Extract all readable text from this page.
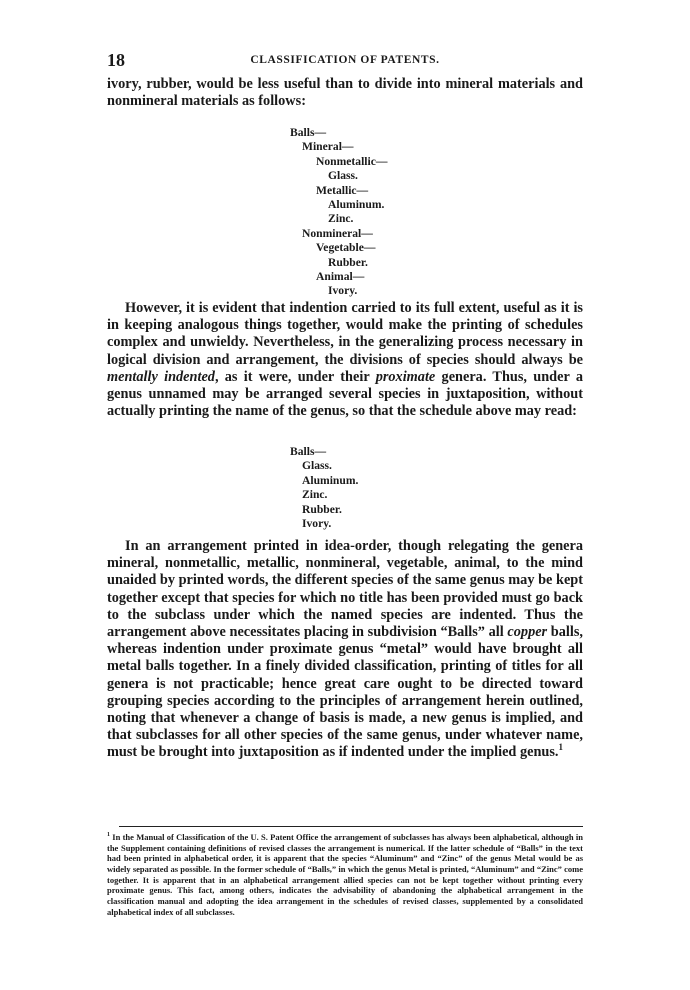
18	CLASSIFICATION OF PATENTS.

ivory, rubber, would be less useful than to divide into mineral materials and nonmineral materials as follows:

Balls—
Mineral—
Nonmetallic—
Glass.
Metallic—
Aluminum.
Zinc.
Nonmineral—
Vegetable—
Rubber.
Animal—
Ivory.

However, it is evident that indention carried to its full extent, useful as it is in keeping analogous things together, would make the printing of schedules complex and unwieldy. Nevertheless, in the generalizing process necessary in logical division and arrangement, the divisions of species should always be mentally indented, as it were, under their proximate genera. Thus, under a genus unnamed may be arranged several species in juxtaposition, without actually printing the name of the genus, so that the schedule above may read:

Balls—
Glass.
Aluminum.
Zinc.
Rubber.
Ivory.

In an arrangement printed in idea-order, though relegating the genera mineral, nonmetallic, metallic, nonmineral, vegetable, animal, to the mind unaided by printed words, the different species of the same genus may be kept together except that species for which no title has been provided must go back to the subclass under which the named species are indented. Thus the arrangement above necessitates placing in subdivision “Balls” all copper balls, whereas indention under proximate genus “metal” would have brought all metal balls together. In a finely divided classification, printing of titles for all genera is not practicable; hence great care ought to be directed toward grouping species according to the principles of arrangement herein outlined, noting that whenever a change of basis is made, a new genus is implied, and that subclasses for all other species of the same genus, under whatever name, must be brought into juxtaposition as if indented under the implied genus.$^1$

$^1$ In the Manual of Classification of the U. S. Patent Office the arrangement of subclasses has always been alphabetical, although in the Supplement containing definitions of revised classes the arrangement is numerical. If the latter schedule of “Balls” in the text had been printed in alphabetical order, it is apparent that the species “Aluminum” and “Zinc” of the genus Metal would be as widely separated as possible. In the former schedule of “Balls,” in which the genus Metal is printed, “Aluminum” and “Zinc” come together. It is apparent that in an alphabetical arrangement allied species can not be kept together without printing every proximate genus. This fact, among others, indicates the advisability of abandoning the alphabetical arrangement in the classification manual and adopting the idea arrangement in the schedules of revised classes, supplemented by a consolidated alphabetical index of all subclasses.
